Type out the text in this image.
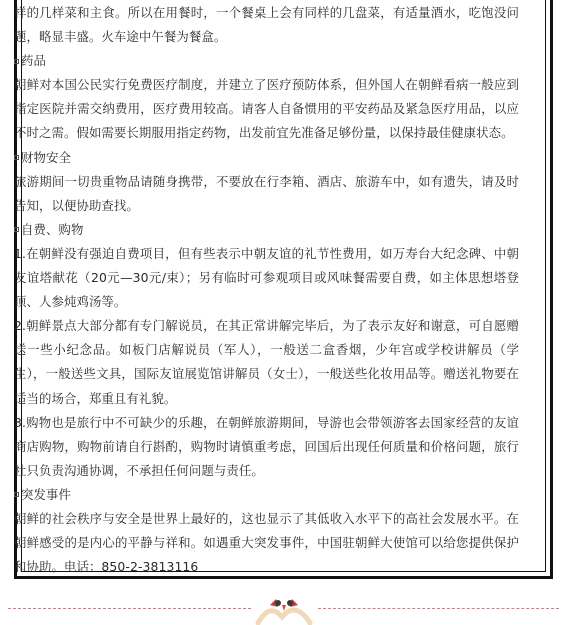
样的几样菜和主食。所以在用餐时，一个餐桌上会有同样的几盘菜，有适量酒水，吃饱没问题，略显丰盛。火车途中午餐为餐盒。

药品

朝鲜对本国公民实行免费医疗制度，并建立了医疗预防体系，但外国人在朝鲜看病一般应到指定医院并需交纳费用，医疗费用较高。请客人自备惯用的平安药品及紧急医疗用品，以应不时之需。假如需要长期服用指定药物，出发前宜先准备足够份量，以保持最佳健康状态。

财物安全

旅游期间一切贵重物品请随身携带，不要放在行李箱、酒店、旅游车中，如有遗失，请及时告知，以便协助查找。

自费、购物

1.在朝鲜没有强迫自费项目，但有些表示中朝友谊的礼节性费用，如万寿台大纪念碑、中朝友谊塔献花（20元—30元/束）；另有临时可参观项目或风味餐需要自费，如主体思想塔登顶、人参炖鸡汤等。

2.朝鲜景点大部分都有专门解说员，在其正常讲解完毕后，为了表示友好和谢意，可自愿赠送一些小纪念品。如板门店解说员（军人），一般送二盒香烟，少年宫或学校讲解员（学生），一般送些文具，国际友谊展览馆讲解员（女士），一般送些化妆用品等。赠送礼物要在适当的场合，郑重且有礼貌。

3.购物也是旅行中不可缺少的乐趣，在朝鲜旅游期间，导游也会带领游客去国家经营的友谊商店购物，购物前请自行斟酌，购物时请慎重考虑，回国后出现任何质量和价格问题，旅行社只负责沟通协调，不承担任何问题与责任。

突发事件

朝鲜的社会秩序与安全是世界上最好的，这也显示了其低收入水平下的高社会发展水平。在朝鲜感受的是内心的平静与祥和。如遇重大突发事件，中国驻朝鲜大使馆可以给您提供保护和协助。电话：850-2-3813116
